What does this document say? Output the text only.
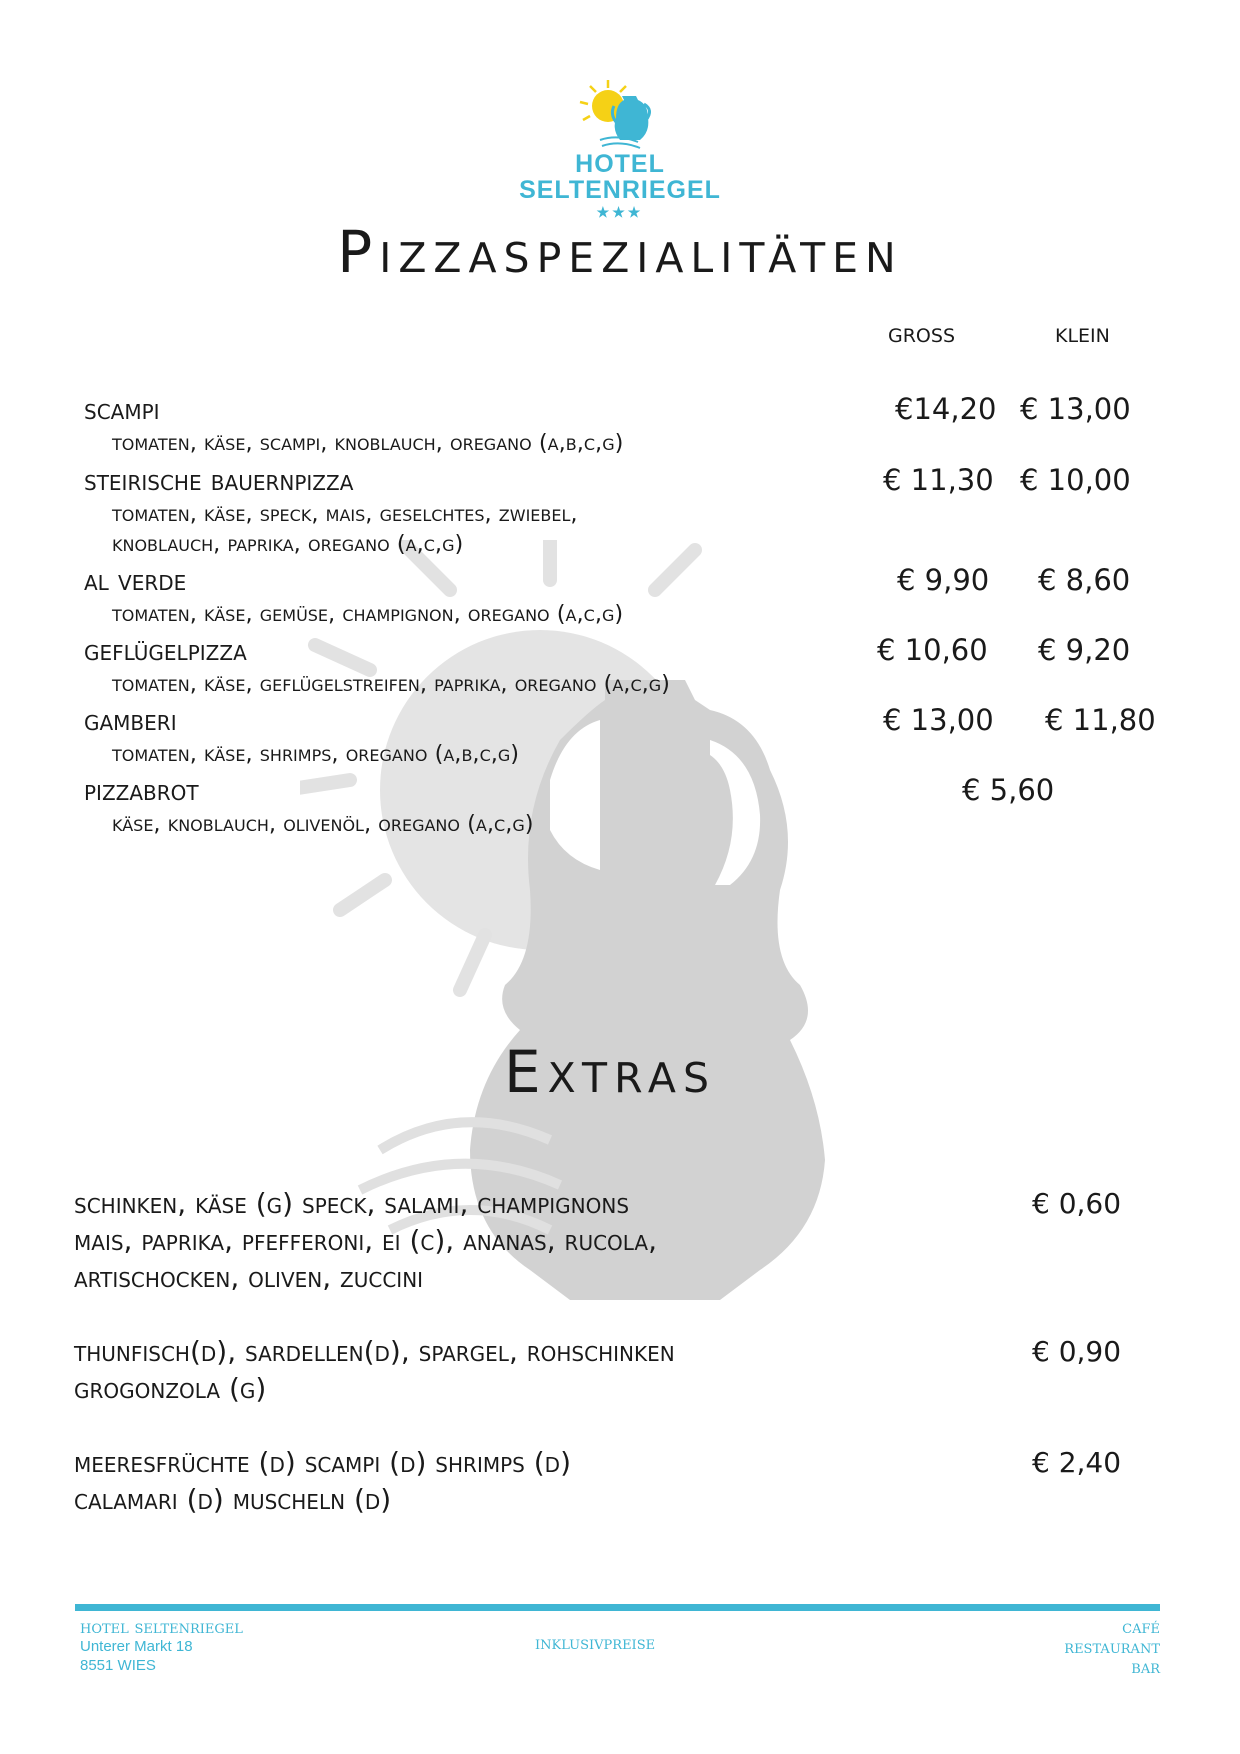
HOTEL
SELTENRIEGEL
★★★
Pizzaspezialitäten
gross	klein
scampi
tomaten, käse, scampi, knoblauch, oregano (a,b,c,g)
€14,20 € 13,00
steirische bauernpizza
tomaten, käse, speck, mais, geselchtes, zwiebel,
knoblauch, paprika, oregano (a,c,g)
€ 11,30 € 10,00
al verde
tomaten, käse, gemüse, champignon, oregano (a,c,g)
€ 9,90 € 8,60
geflügelpizza
tomaten, käse, geflügelstreifen, paprika, oregano (a,c,g)
€ 10,60 € 9,20
gamberi
tomaten, käse, shrimps, oregano (a,b,c,g)
€ 13,00 € 11,80
pizzabrot
käse, knoblauch, olivenöl, oregano (a,c,g)
€ 5,60
Extras
schinken, käse (g) speck, salami, champignons
mais, paprika, pfefferoni, ei (c), ananas, rucola,
artischocken, oliven, zuccini
€ 0,60
thunfisch(d), sardellen(d), spargel, rohschinken
grogonzola (g)
€ 0,90
meeresfrüchte (d) scampi (d) shrimps (d)
calamari (d) muscheln (d)
€ 2,40
hotel seltenriegel
Unterer Markt 18
8551 WIES
inklusivpreise
café
restaurant
bar
